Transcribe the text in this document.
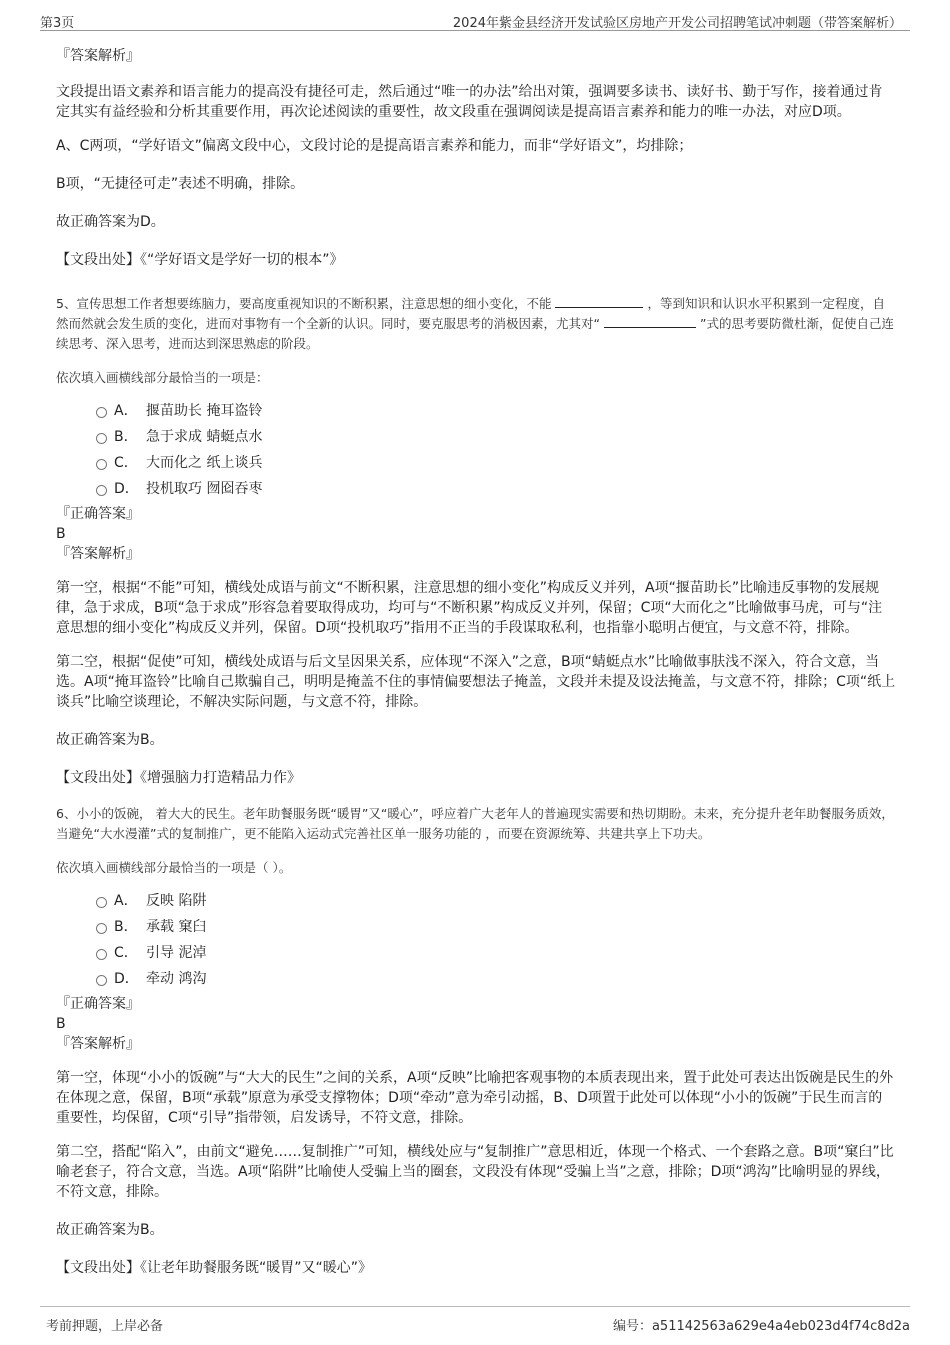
第3页	2024年紫金县经济开发试验区房地产开发公司招聘笔试冲刺题（带答案解析）

『答案解析』

文段提出语文素养和语言能力的提高没有捷径可走，然后通过“唯一的办法”给出对策，强调要多读书、读好书、勤于写作，接着通过肯定其实有益经验和分析其重要作用，再次论述阅读的重要性，故文段重在强调阅读是提高语言素养和能力的唯一办法，对应D项。

A、C两项，“学好语文”偏离文段中心，文段讨论的是提高语言素养和能力，而非“学好语文”，均排除；

B项，“无捷径可走”表述不明确，排除。

故正确答案为D。

【文段出处】《“学好语文是学好一切的根本”》

5、宣传思想工作者想要练脑力，要高度重视知识的不断积累，注意思想的细小变化，不能	，等到知识和认识水平积累到一定程度，自然而然就会发生质的变化，进而对事物有一个全新的认识。同时，要克服思考的消极因素，尤其对“	”式的思考要防微杜渐，促使自己连续思考、深入思考，进而达到深思熟虑的阶段。

依次填入画横线部分最恰当的一项是：

A． 揠苗助长 掩耳盗铃
B． 急于求成 蜻蜓点水
C． 大而化之 纸上谈兵
D． 投机取巧 囫囵吞枣

『正确答案』

B

『答案解析』

第一空，根据“不能”可知，横线处成语与前文“不断积累，注意思想的细小变化”构成反义并列，A项“揠苗助长”比喻违反事物的发展规律，急于求成，B项“急于求成”形容急着要取得成功，均可与“不断积累”构成反义并列，保留；C项“大而化之”比喻做事马虎，可与“注意思想的细小变化”构成反义并列，保留。D项“投机取巧”指用不正当的手段谋取私利，也指靠小聪明占便宜，与文意不符，排除。

第二空，根据“促使”可知，横线处成语与后文呈因果关系，应体现“不深入”之意，B项“蜻蜓点水”比喻做事肤浅不深入，符合文意，当选。A项“掩耳盗铃”比喻自己欺骗自己，明明是掩盖不住的事情偏要想法子掩盖，文段并未提及设法掩盖，与文意不符，排除；C项“纸上谈兵”比喻空谈理论，不解决实际问题，与文意不符，排除。

故正确答案为B。

【文段出处】《增强脑力打造精品力作》

6、小小的饭碗， 着大大的民生。老年助餐服务既“暖胃”又“暖心”，呼应着广大老年人的普遍现实需要和热切期盼。未来，充分提升老年助餐服务质效，当避免“大水漫灌”式的复制推广，更不能陷入运动式完善社区单一服务功能的 ，而要在资源统筹、共建共享上下功夫。

依次填入画横线部分最恰当的一项是（ ）。

A． 反映 陷阱
B． 承载 窠臼
C． 引导 泥淖
D． 牵动 鸿沟

『正确答案』

B

『答案解析』

第一空，体现“小小的饭碗”与“大大的民生”之间的关系，A项“反映”比喻把客观事物的本质表现出来，置于此处可表达出饭碗是民生的外在体现之意，保留，B项“承载”原意为承受支撑物体；D项“牵动”意为牵引动摇，B、D项置于此处可以体现“小小的饭碗”于民生而言的重要性，均保留，C项“引导”指带领，启发诱导，不符文意，排除。

第二空，搭配“陷入”，由前文“避免……复制推广”可知，横线处应与“复制推广”意思相近，体现一个格式、一个套路之意。B项“窠臼”比喻老套子，符合文意，当选。A项“陷阱”比喻使人受骗上当的圈套，文段没有体现“受骗上当”之意，排除；D项“鸿沟”比喻明显的界线，不符文意，排除。

故正确答案为B。

【文段出处】《让老年助餐服务既“暖胃”又“暖心”》

考前押题，上岸必备	编号：a51142563a629e4a4eb023d4f74c8d2a
